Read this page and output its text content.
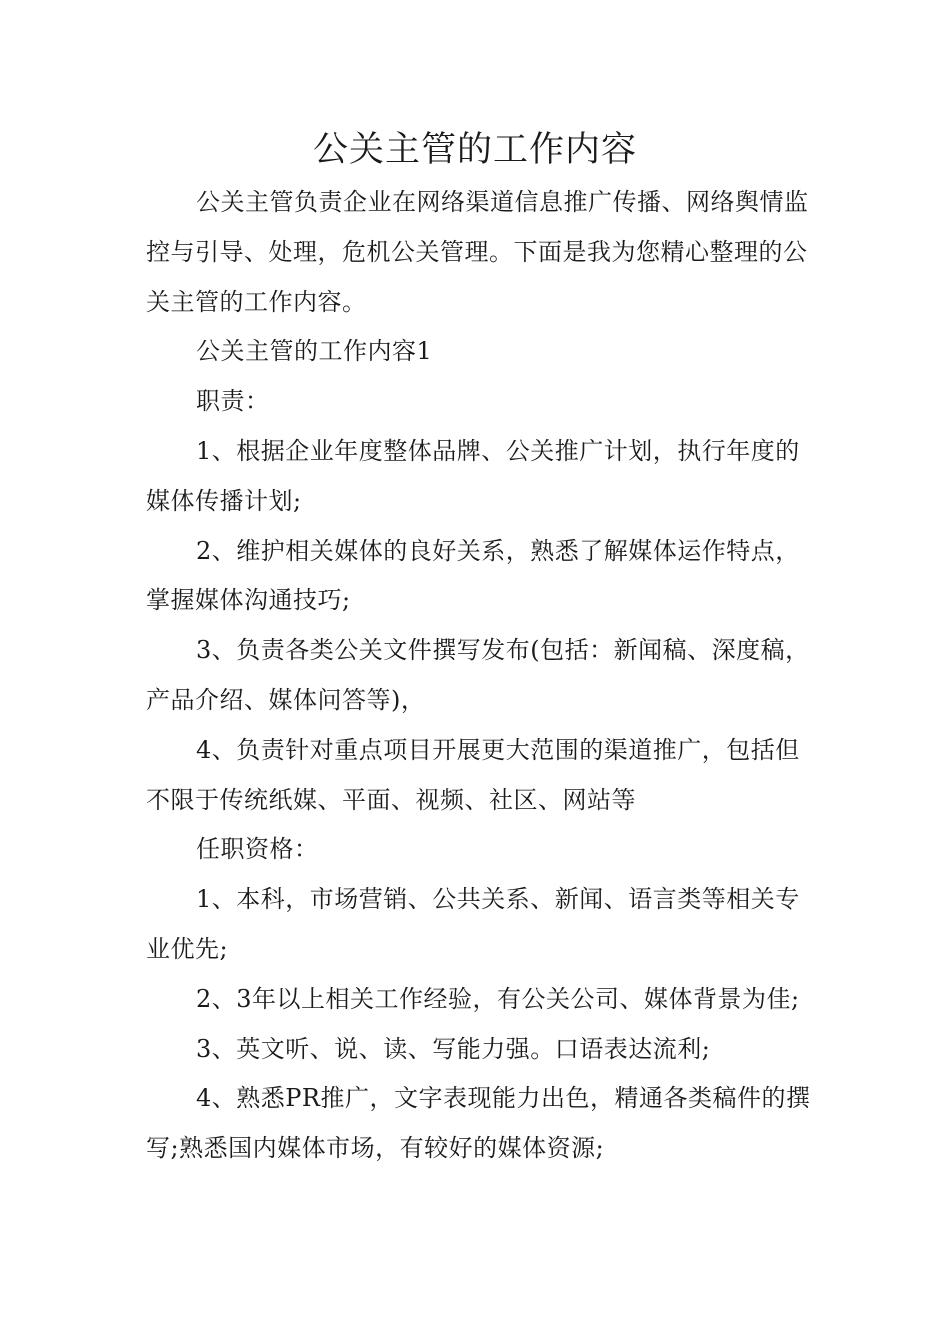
公关主管的工作内容

公关主管负责企业在网络渠道信息推广传播、网络舆情监控与引导、处理，危机公关管理。下面是我为您精心整理的公关主管的工作内容。

公关主管的工作内容1

职责：

1、根据企业年度整体品牌、公关推广计划，执行年度的媒体传播计划;

2、维护相关媒体的良好关系，熟悉了解媒体运作特点，掌握媒体沟通技巧;

3、负责各类公关文件撰写发布(包括：新闻稿、深度稿，产品介绍、媒体问答等)，

4、负责针对重点项目开展更大范围的渠道推广，包括但不限于传统纸媒、平面、视频、社区、网站等

任职资格：

1、本科，市场营销、公共关系、新闻、语言类等相关专业优先;

2、3年以上相关工作经验，有公关公司、媒体背景为佳;

3、英文听、说、读、写能力强。口语表达流利;

4、熟悉PR推广，文字表现能力出色，精通各类稿件的撰写;熟悉国内媒体市场，有较好的媒体资源;
